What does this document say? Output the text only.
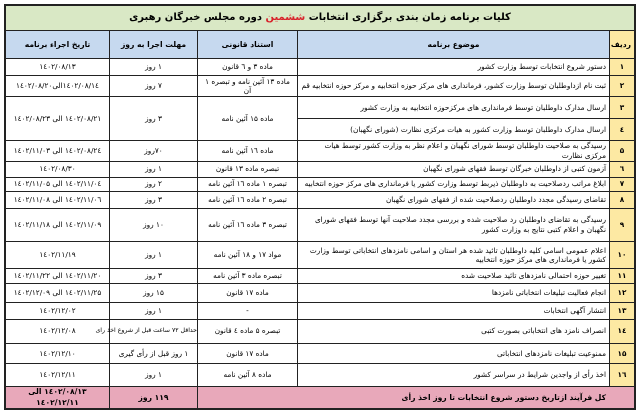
کلیات برنامه زمان بندی برگزاری انتخابات ششمین دوره مجلس خبرگان رهبری				
ردیف	موضوع برنامه	استناد قانونی	مهلت اجرا به روز	تاریخ اجراء برنامه
۱	دستور شروع انتخابات توسط وزارت کشور	ماده ۳ و ٦ قانون	۱ روز	۱٤۰۲/۰۸/۱۳
۲	ثبت نام ازداوطلبان توسط وزارت کشور، فرمانداری های مرکز حوزه انتخابیه و مرکز حوزه انتخابیه قم	ماده ۱۳ آئین نامه و تبصره ۱ آن	۷ روز	۱٤۰۲/۰۸/۱٤الی۱٤۰۲/۰۸/۲۰
۳	ارسال مدارک داوطلبان توسط فرمانداری های مرکزحوزه انتخابیه به وزارت کشور	ماده ۱۵ آئین نامه	۳ روز	۱٤۰۲/۰۸/۲۱ الی ۱٤۰۲/۰۸/۲۳
٤	ارسال مدارک داوطلبان توسط وزارت کشور به هیات مرکزی نظارت (شورای نگهبان)			
۵	رسیدگی به صلاحیت داوطلبان توسط شورای نگهبان و اعلام نظر به وزارت کشور توسط هیات مرکزی نظارت	ماده ١٦ آئین نامه	۷۰روز	۱٤۰۲/۰۸/۲٤ الی ۱٤۰۲/۱۱/۰۳
٦	آزمون کتبی از داوطلبان خبرگان توسط فقهای شورای نگهبان	تبصره ماده ۱۳ قانون	۱ روز	۱٤۰۲/۰۸/۳۰
۷	ابلاغ مراتب ردصلاحیت به داوطلبان ذیربط توسط وزارت کشور یا فرمانداری های مرکز حوزه انتخابیه	تبصره ۱ ماده ١٦ آئین نامه	۲ روز	۱٤۰۲/۱۱/۰٤ الی ۱٤۰۲/۱۱/۰۵
۸	تقاضای رسیدگی مجدد داوطلبان ردصلاحیت شده از فقهای شورای نگهبان	تبصره ۲ ماده ١٦ آئین نامه	۳ روز	۱٤۰۲/۱۱/۰٦ الی ۱٤۰۲/۱۱/۰۸
۹	رسیدگی به تقاضای داوطلبان رد صلاحیت شده و بررسی مجدد صلاحیت آنها توسط فقهای شورای نگهبان و اعلام کتبی نتایج به وزارت کشور	تبصره ۳ ماده ١٦ آئین نامه	۱۰ روز	۱٤۰۲/۱۱/۰۹ الی ۱٤۰۲/۱۱/۱۸
۱۰	اعلام عمومی اسامی کلیه داوطلبان تائید شده هر استان و اسامی نامزدهای انتخاباتی توسط وزارت کشور یا فرمانداری های مرکز حوزه انتخابیه	مواد ۱۷ و ۱۸ آئین نامه	۱ روز	۱٤۰۲/۱۱/۱۹
۱۱	تغییر حوزه احتمالی نامزدهای تائید صلاحیت شده	تبصره ماده ۳ آئین نامه	۳ روز	۱٤۰۲/۱۱/۲۰ الی ۱٤۰۲/۱۱/۲۲
۱۲	انجام فعالیت تبلیغات انتخاباتی نامزدها	ماده ۱۷ قانون	۱۵ روز	۱٤۰۲/۱۱/۲۵ الی ۱٤۰۲/۱۲/۰۹
۱۳	انتشار آگهی انتخابات	-	۱ روز	۱٤۰۲/۱۲/۰۲
۱٤	انصراف نامزد های انتخاباتی بصورت کتبی	تبصره ۵ ماده ٤ قانون	حداقل ۷۲ ساعت قبل از شروع اخذ رای	۱٤۰۲/۱۲/۰۸
۱۵	ممنوعیت تبلیغات نامزدهای انتخاباتی	ماده ۱۷ قانون	۱ روز قبل از رأی گیری	۱٤۰۲/۱۲/۱۰
۱٦	اخذ رأی از واجدین شرایط در سراسر کشور	ماده ۸ آئین نامه	۱ روز	۱٤۰۲/۱۲/۱۱
کل فرآیند ازتاریخ دستور شروع انتخابات تا روز اخذ رأی			۱۱۹ روز	۱٤۰۲/۰۸/۱۳ الی ۱٤۰۲/۱۲/۱۱
